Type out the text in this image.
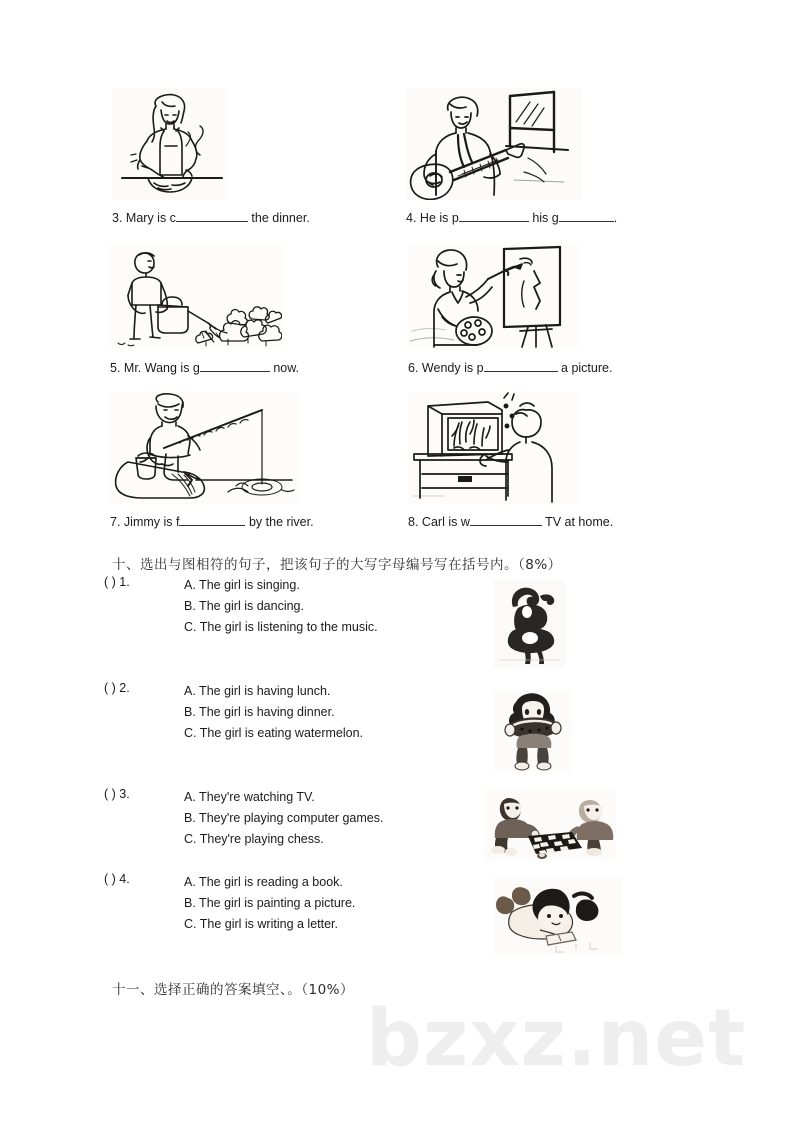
bzxz.net
3. Mary is c	the dinner.	4. He is p	his g	.
5. Mr. Wang is g	now.	6. Wendy is p	a picture.
7. Jimmy is f	by the river.	8. Carl is w	TV at home.
十、选出与图相符的句子，把该句子的大写字母编号写在括号内。（8%）
( ) 1.	A. The girl is singing.
B. The girl is dancing.
C. The girl is listening to the music.
( ) 2.	A. The girl is having lunch.
B. The girl is having dinner.
C. The girl is eating watermelon.
( ) 3.	A. They're watching TV.
B. They're playing computer games.
C. They're playing chess.
( ) 4.	A. The girl is reading a book.
B. The girl is painting a picture.
C. The girl is writing a letter.
十一、选择正确的答案填空、。（10%）
